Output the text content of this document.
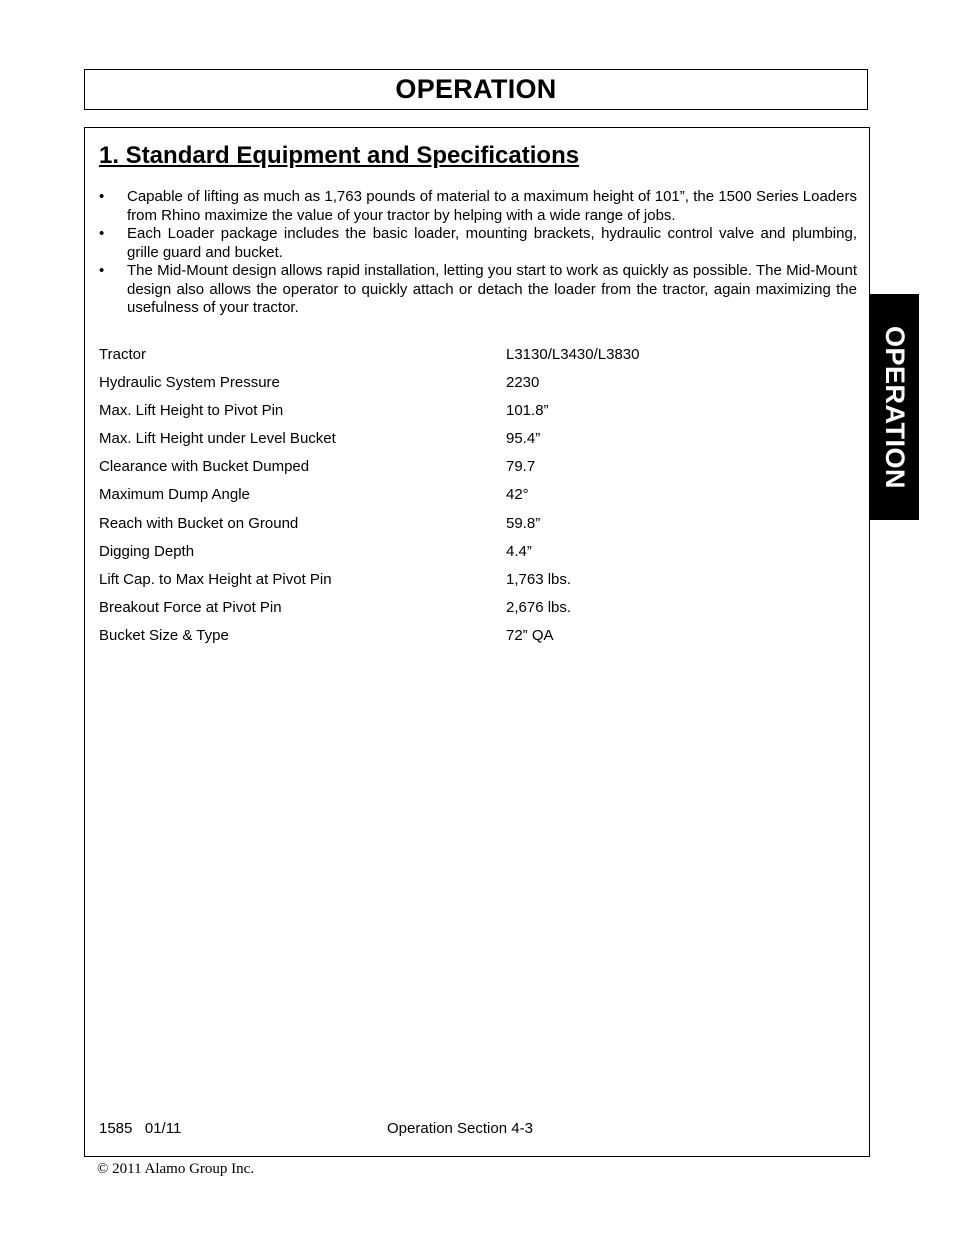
OPERATION
1. Standard Equipment and Specifications
• Capable of lifting as much as 1,763 pounds of material to a maximum height of 101”, the 1500 Series Loaders from Rhino maximize the value of your tractor by helping with a wide range of jobs.
• Each Loader package includes the basic loader, mounting brackets, hydraulic control valve and plumbing, grille guard and bucket.
• The Mid-Mount design allows rapid installation, letting you start to work as quickly as possible. The Mid-Mount design also allows the operator to quickly attach or detach the loader from the tractor, again maximizing the usefulness of your tractor.
Tractor	L3130/L3430/L3830
Hydraulic System Pressure	2230
Max. Lift Height to Pivot Pin	101.8”
Max. Lift Height under Level Bucket	95.4”
Clearance with Bucket Dumped	79.7
Maximum Dump Angle	42°
Reach with Bucket on Ground	59.8”
Digging Depth	4.4”
Lift Cap. to Max Height at Pivot Pin	1,763 lbs.
Breakout Force at Pivot Pin	2,676 lbs.
Bucket Size & Type	72” QA
1585   01/11	Operation Section 4-3
© 2011 Alamo Group Inc.
OPERATION
